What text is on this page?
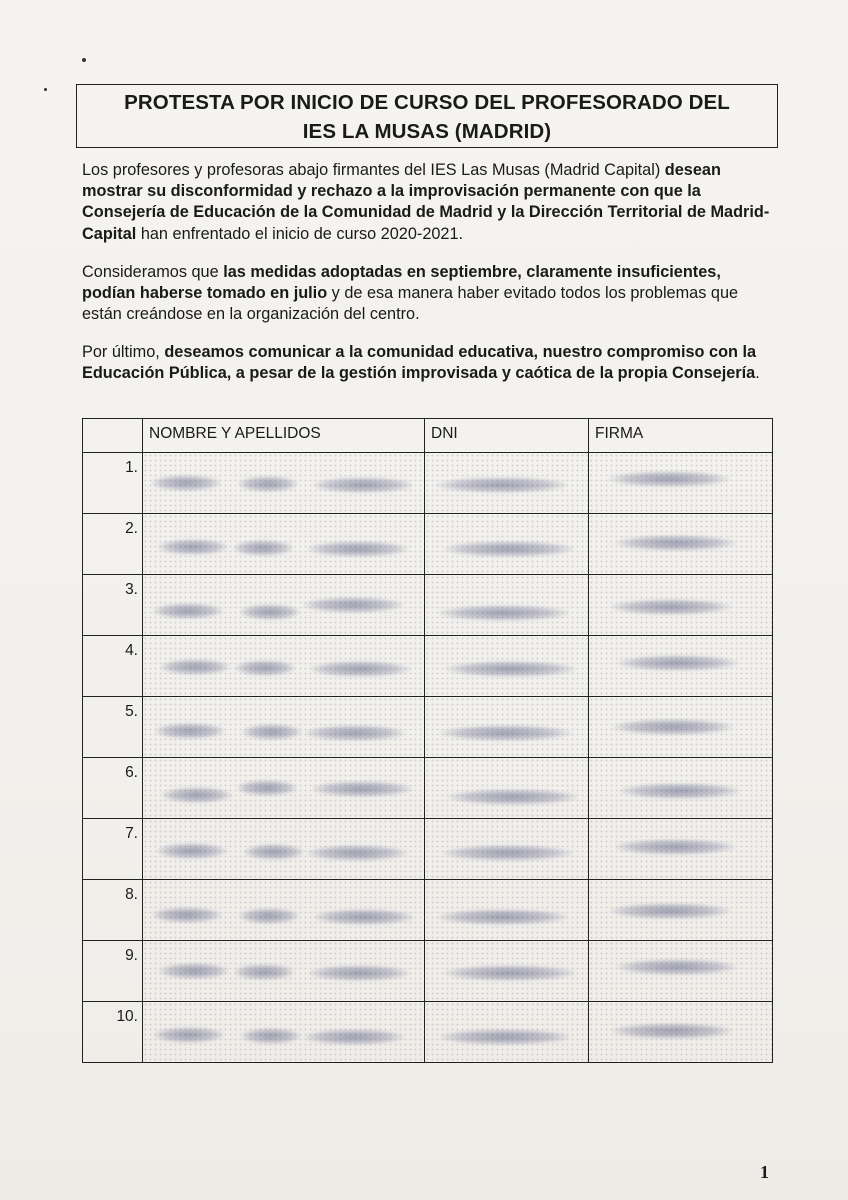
PROTESTA POR INICIO DE CURSO DEL PROFESORADO DEL
IES LA MUSAS (MADRID)

Los profesores y profesoras abajo firmantes del IES Las Musas (Madrid Capital) desean mostrar su disconformidad y rechazo a la improvisación permanente con que la Consejería de Educación de la Comunidad de Madrid y la Dirección Territorial de Madrid-Capital han enfrentado el inicio de curso 2020-2021.

Consideramos que las medidas adoptadas en septiembre, claramente insuficientes, podían haberse tomado en julio y de esa manera haber evitado todos los problemas que están creándose en la organización del centro.

Por último, deseamos comunicar a la comunidad educativa, nuestro compromiso con la Educación Pública, a pesar de la gestión improvisada y caótica de la propia Consejería.

	NOMBRE Y APELLIDOS	DNI	FIRMA
1.	

2.	

3.	

4.	

5.	

6.	

7.	

8.	

9.	

10.	

1
